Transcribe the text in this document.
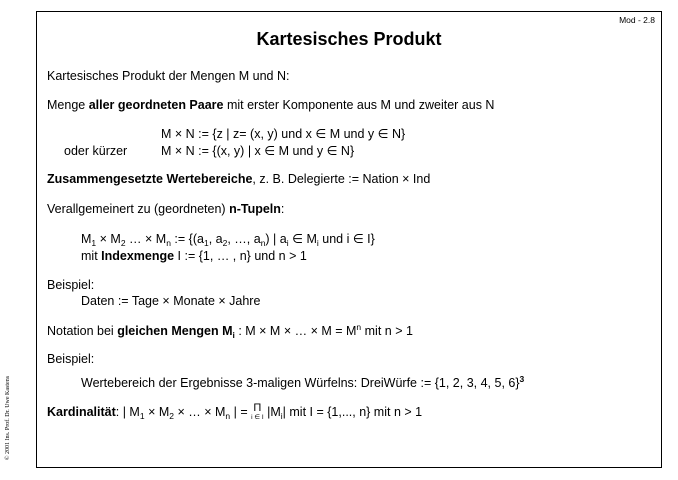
Mod - 2.8
Kartesisches Produkt
Kartesisches Produkt der Mengen M und N:
Menge aller geordneten Paare mit erster Komponente aus M und zweiter aus N
M × N := {z | z= (x, y) und x ∈ M und y ∈ N}
oder kürzer	M × N := {(x, y) | x ∈ M und y ∈ N}
Zusammengesetzte Wertebereiche, z. B. Delegierte := Nation × Ind
Verallgemeinert zu (geordneten) n-Tupeln:
$M_1 \times M_2$ … × $M_n$ := {($a_1$, $a_2$, …, $a_n$) | $a_i$ ∈ $M_i$ und i ∈ I}
mit Indexmenge I := {1, … , n} und n > 1
Beispiel:
Daten := Tage × Monate × Jahre
Notation bei gleichen Mengen $M_i$ : M × M × … × $M = M^n$ mit n > 1
Beispiel:
Wertebereich der Ergebnisse 3-maligen Würfelns: DreiWürfe := {1, 2, 3, 4, 5, 6}$^3$
Kardinalität: | $M_1 \times M_2$ × … × $M_n$ | = Π
i ∈ I $|M_i|$ mit I = {1,..., n} mit n > 1
© 2001 Ins. Prof. Dr. Uwe Kastens
